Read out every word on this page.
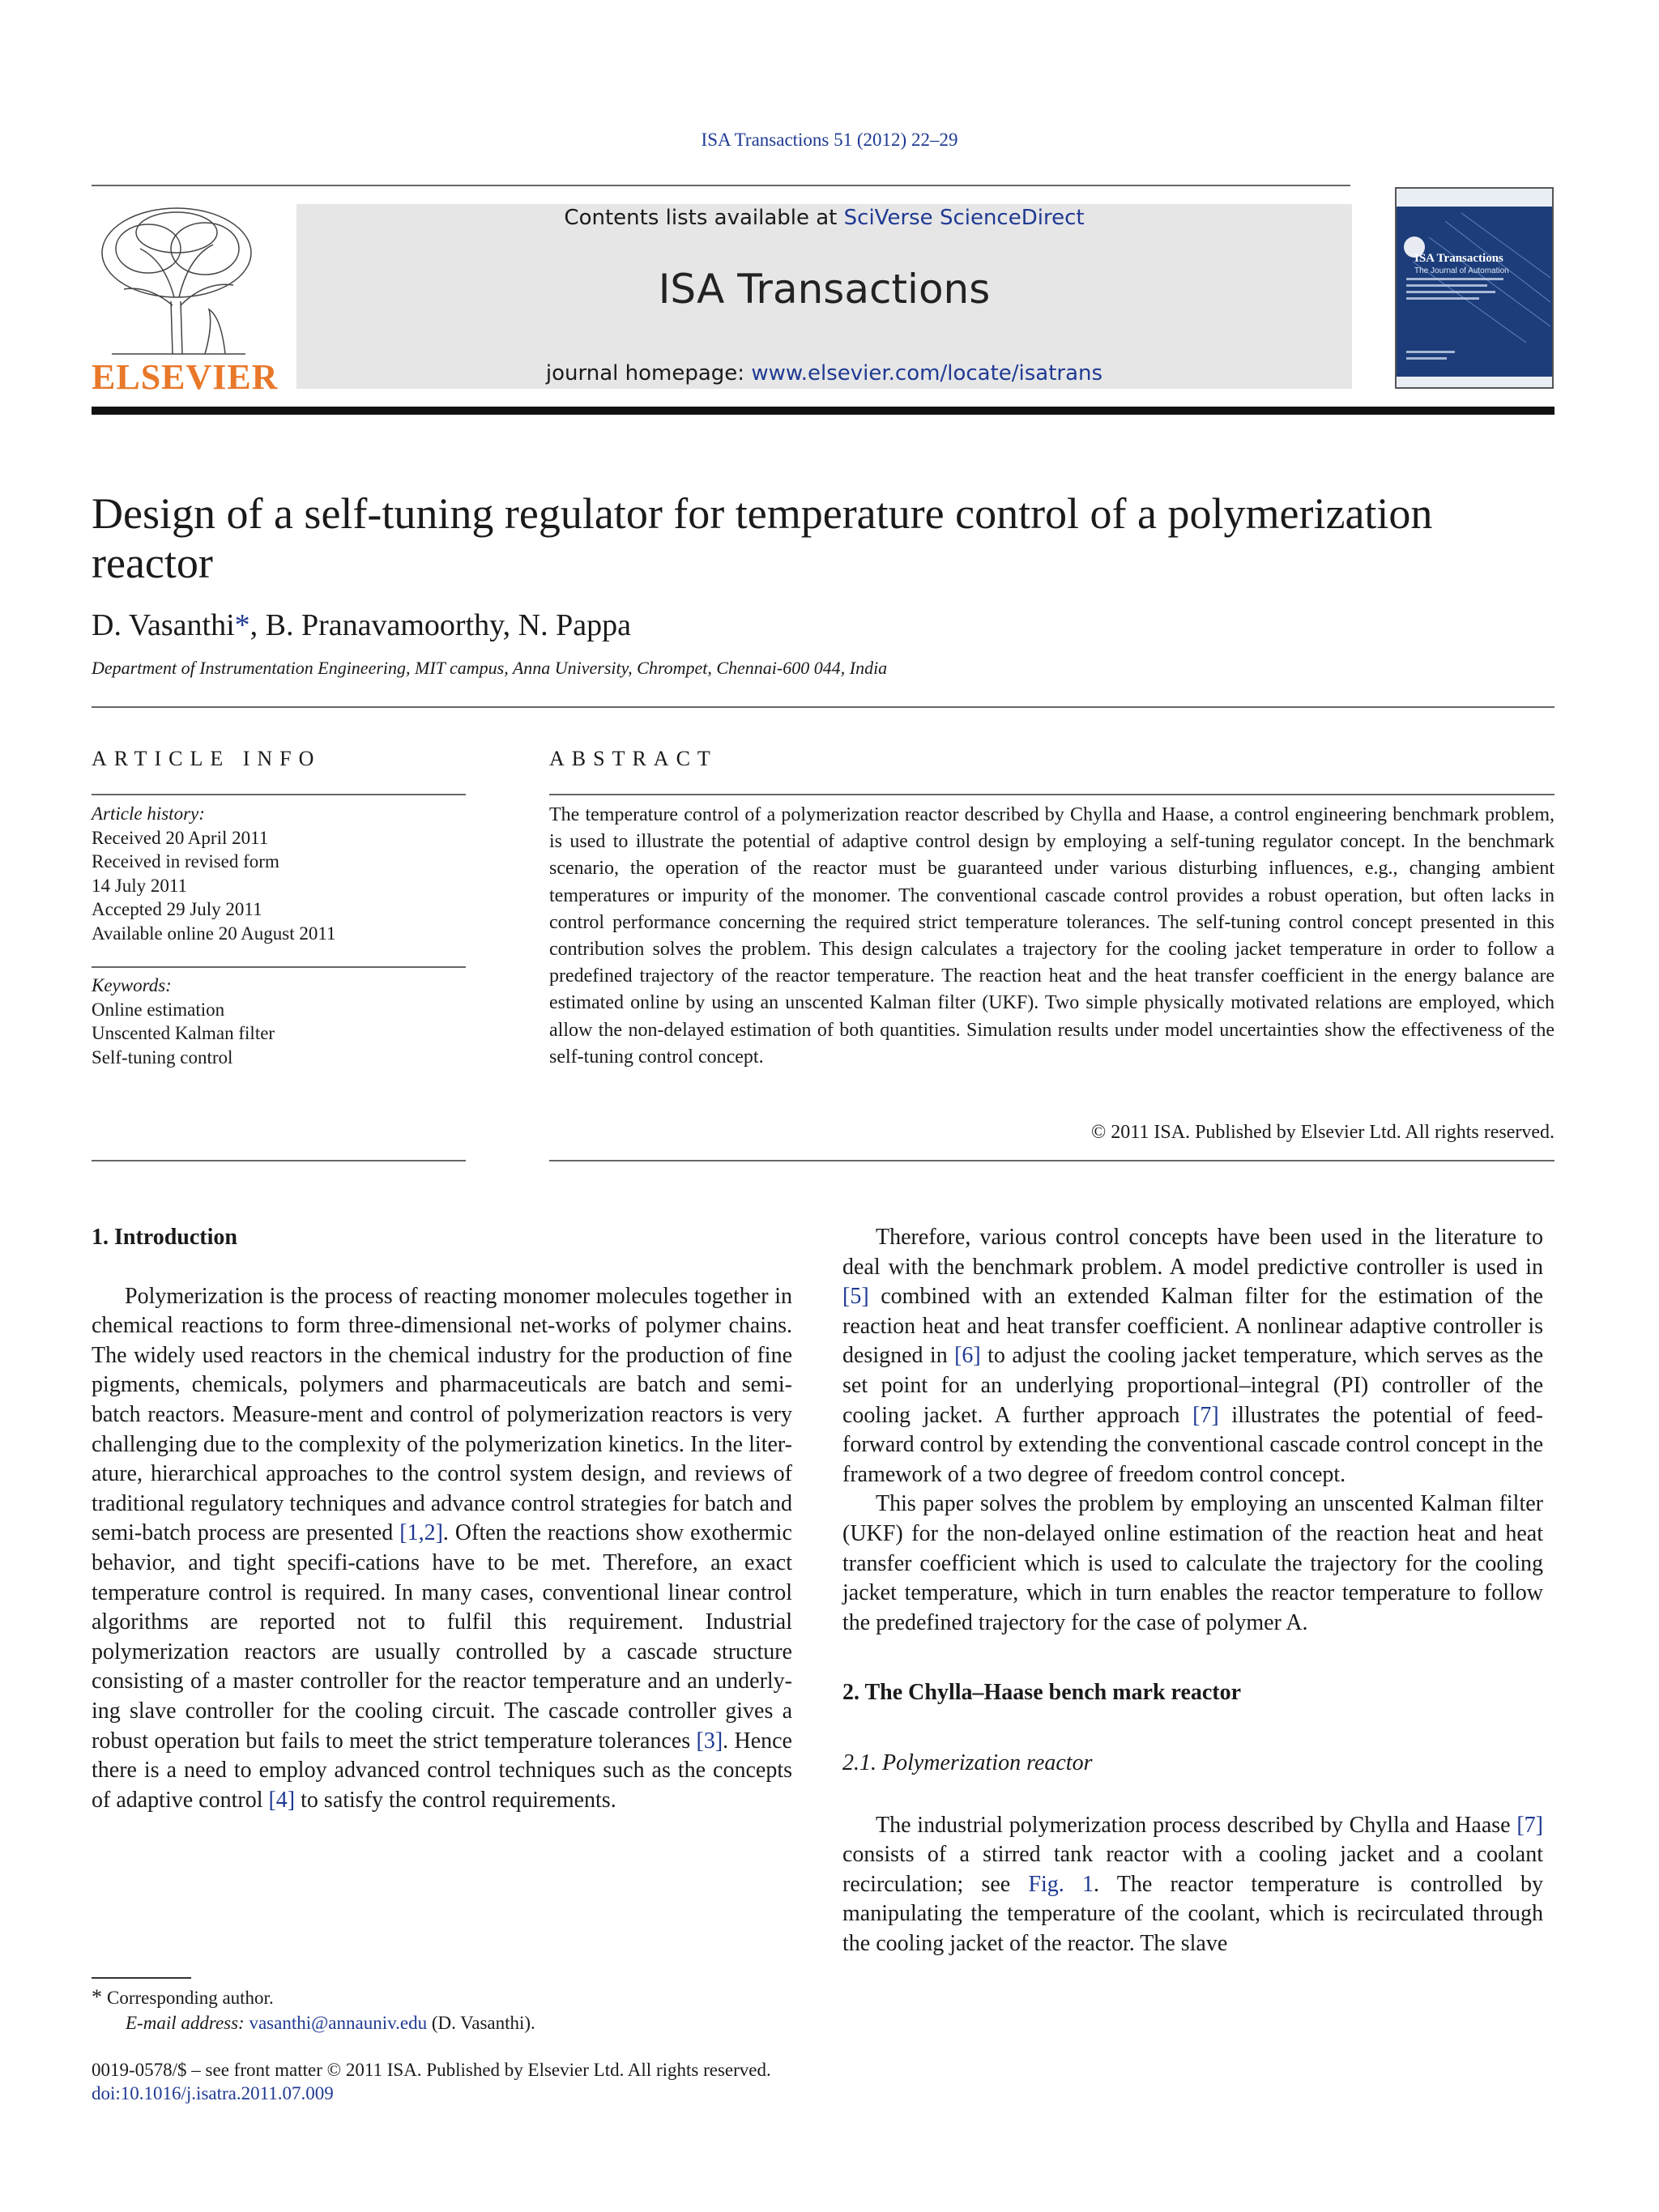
ISA Transactions 51 (2012) 22–29
ELSEVIER
Contents lists available at SciVerse ScienceDirect
ISA Transactions
journal homepage: www.elsevier.com/locate/isatrans
ISA Transactions
The Journal of Automation
Design of a self-tuning regulator for temperature control of a polymerization reactor
D. Vasanthi*, B. Pranavamoorthy, N. Pappa
Department of Instrumentation Engineering, MIT campus, Anna University, Chrompet, Chennai-600 044, India
ARTICLE INFO	ABSTRACT
Article history:
Received 20 April 2011
Received in revised form
14 July 2011
Accepted 29 July 2011
Available online 20 August 2011
Keywords:
Online estimation
Unscented Kalman filter
Self-tuning control
The temperature control of a polymerization reactor described by Chylla and Haase, a control engineering benchmark problem, is used to illustrate the potential of adaptive control design by employing a self-tuning regulator concept. In the benchmark scenario, the operation of the reactor must be guaranteed under various disturbing influences, e.g., changing ambient temperatures or impurity of the monomer. The conventional cascade control provides a robust operation, but often lacks in control performance concerning the required strict temperature tolerances. The self-tuning control concept presented in this contribution solves the problem. This design calculates a trajectory for the cooling jacket temperature in order to follow a predefined trajectory of the reactor temperature. The reaction heat and the heat transfer coefficient in the energy balance are estimated online by using an unscented Kalman filter (UKF). Two simple physically motivated relations are employed, which allow the non-delayed estimation of both quantities. Simulation results under model uncertainties show the effectiveness of the self-tuning control concept.
© 2011 ISA. Published by Elsevier Ltd. All rights reserved.

1. Introduction

Polymerization is the process of reacting monomer molecules together in chemical reactions to form three-dimensional net-works of polymer chains. The widely used reactors in the chemical industry for the production of fine pigments, chemicals, polymers and pharmaceuticals are batch and semi-batch reactors. Measure-ment and control of polymerization reactors is very challenging due to the complexity of the polymerization kinetics. In the liter-ature, hierarchical approaches to the control system design, and reviews of traditional regulatory techniques and advance control strategies for batch and semi-batch process are presented [1,2]. Often the reactions show exothermic behavior, and tight specifi-cations have to be met. Therefore, an exact temperature control is required. In many cases, conventional linear control algorithms are reported not to fulfil this requirement. Industrial polymerization reactors are usually controlled by a cascade structure consisting of a master controller for the reactor temperature and an underly-ing slave controller for the cooling circuit. The cascade controller gives a robust operation but fails to meet the strict temperature tolerances [3]. Hence there is a need to employ advanced control techniques such as the concepts of adaptive control [4] to satisfy the control requirements.

Therefore, various control concepts have been used in the literature to deal with the benchmark problem. A model predictive controller is used in [5] combined with an extended Kalman filter for the estimation of the reaction heat and heat transfer coefficient. A nonlinear adaptive controller is designed in [6] to adjust the cooling jacket temperature, which serves as the set point for an underlying proportional–integral (PI) controller of the cooling jacket. A further approach [7] illustrates the potential of feed-forward control by extending the conventional cascade control concept in the framework of a two degree of freedom control concept.

This paper solves the problem by employing an unscented Kalman filter (UKF) for the non-delayed online estimation of the reaction heat and heat transfer coefficient which is used to calculate the trajectory for the cooling jacket temperature, which in turn enables the reactor temperature to follow the predefined trajectory for the case of polymer A.

2. The Chylla–Haase bench mark reactor

2.1. Polymerization reactor

The industrial polymerization process described by Chylla and Haase [7] consists of a stirred tank reactor with a cooling jacket and a coolant recirculation; see Fig. 1. The reactor temperature is controlled by manipulating the temperature of the coolant, which is recirculated through the cooling jacket of the reactor. The slave

* Corresponding author.
E-mail address: vasanthi@annauniv.edu (D. Vasanthi).
0019-0578/$ – see front matter © 2011 ISA. Published by Elsevier Ltd. All rights reserved.
doi:10.1016/j.isatra.2011.07.009
